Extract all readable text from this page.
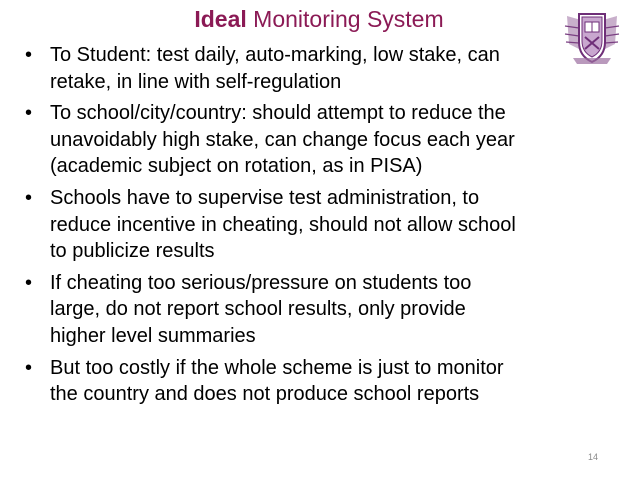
Ideal Monitoring System
• To Student: test daily, auto-marking, low stake, can
retake, in line with self-regulation
• To school/city/country: should attempt to reduce the
unavoidably high stake, can change focus each year
(academic subject on rotation, as in PISA)
• Schools have to supervise test administration, to
reduce incentive in cheating, should not allow school
to publicize results
• If cheating too serious/pressure on students too
large, do not report school results, only provide
higher level summaries
• But too costly if the whole scheme is just to monitor
the country and does not produce school reports
14
